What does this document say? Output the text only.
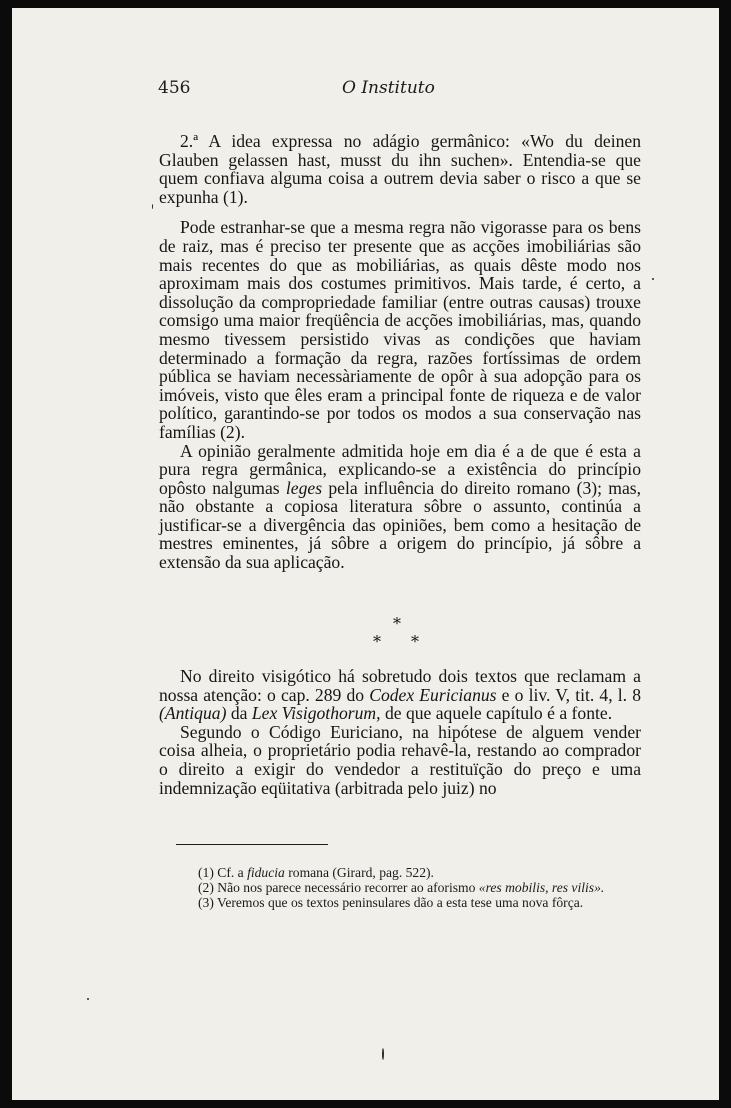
456	O Instituto

2.ª A idea expressa no adágio germânico: «Wo du deinen Glauben gelassen hast, musst du ihn suchen». Entendia-se que quem confiava alguma coisa a outrem devia saber o risco a que se expunha (1).

Pode estranhar-se que a mesma regra não vigorasse para os bens de raiz, mas é preciso ter presente que as acções imobiliárias são mais recentes do que as mobiliárias, as quais dêste modo nos aproximam mais dos costumes primitivos. Mais tarde, é certo, a dissolução da compropriedade familiar (entre outras causas) trouxe comsigo uma maior freqüência de acções imobiliárias, mas, quando mesmo tivessem persistido vivas as condições que haviam determinado a formação da regra, razões fortíssimas de ordem pública se haviam necessàriamente de opôr à sua adopção para os imóveis, visto que êles eram a principal fonte de riqueza e de valor político, garantindo-se por todos os modos a sua conservação nas famílias (2).

A opinião geralmente admitida hoje em dia é a de que é esta a pura regra germânica, explicando-se a existência do princípio opôsto nalgumas leges pela influência do direito romano (3); mas, não obstante a copiosa literatura sôbre o assunto, continúa a justificar-se a divergência das opiniões, bem como a hesitação de mestres eminentes, já sôbre a origem do princípio, já sôbre a extensão da sua aplicação.

*
* *

No direito visigótico há sobretudo dois textos que reclamam a nossa atenção: o cap. 289 do Codex Euricianus e o liv. V, tit. 4, l. 8 (Antiqua) da Lex Visigothorum, de que aquele capítulo é a fonte.

Segundo o Código Euriciano, na hipótese de alguem vender coisa alheia, o proprietário podia rehavê-la, restando ao comprador o direito a exigir do vendedor a restituïção do preço e uma indemnização eqüitativa (arbitrada pelo juiz) no

(1) Cf. a fiducia romana (Girard, pag. 522).

(2) Não nos parece necessário recorrer ao aforismo «res mobilis, res vilis».

(3) Veremos que os textos peninsulares dão a esta tese uma nova fôrça.
